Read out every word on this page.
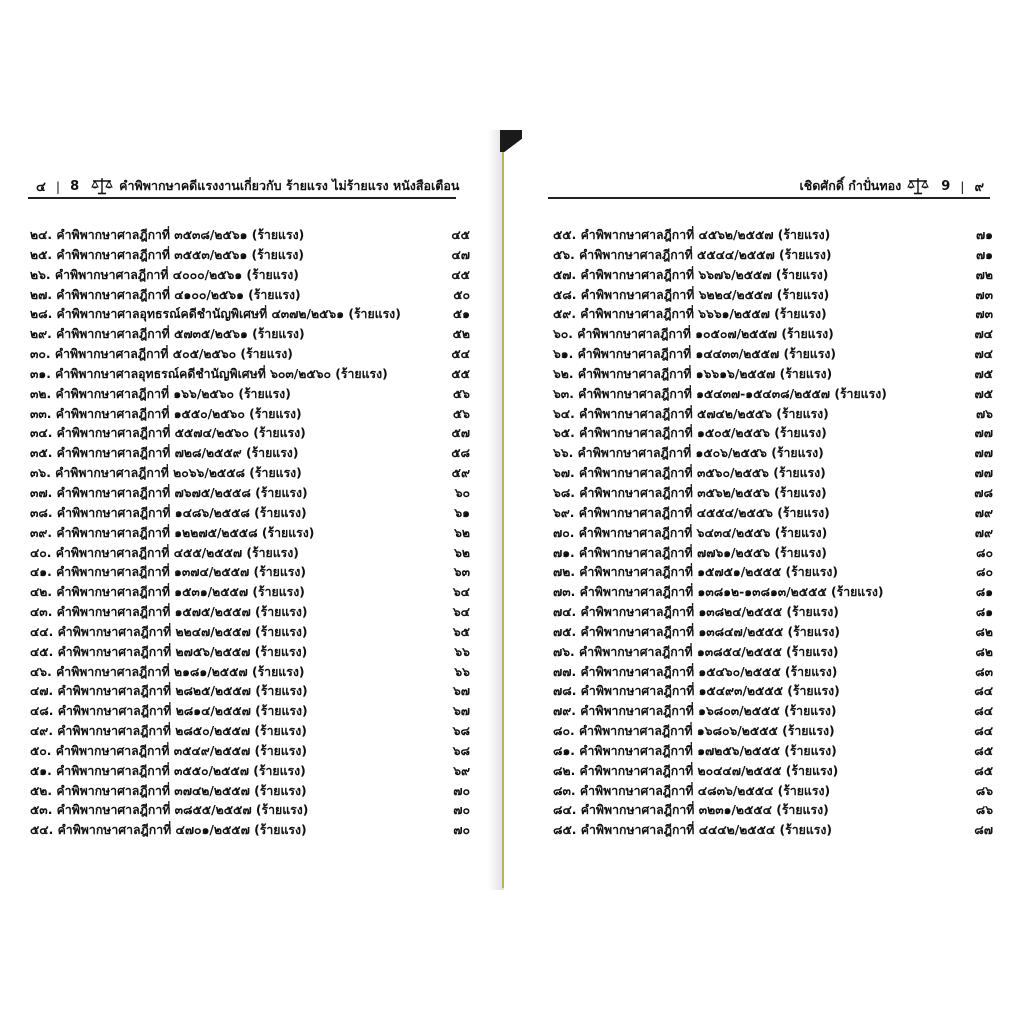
๔ | 8	คำพิพากษาคดีแรงงานเกี่ยวกับ ร้ายแรง ไม่ร้ายแรง หนังสือเตือน	เชิดศักดิ์ กำปั่นทอง	9 | ๙
๒๔. คำพิพากษาศาลฎีกาที่ ๓๕๓๘/๒๕๖๑ (ร้ายแรง)	๔๕
๒๕. คำพิพากษาศาลฎีกาที่ ๓๕๕๓/๒๕๖๑ (ร้ายแรง)	๔๗
๒๖. คำพิพากษาศาลฎีกาที่ ๔๐๐๐/๒๕๖๑ (ร้ายแรง)	๔๕
๒๗. คำพิพากษาศาลฎีกาที่ ๔๑๐๐/๒๕๖๑ (ร้ายแรง)	๕๐
๒๘. คำพิพากษาศาลอุทธรณ์คดีชำนัญพิเศษที่ ๔๓๗๒/๒๕๖๑ (ร้ายแรง)	๕๑
๒๙. คำพิพากษาศาลฎีกาที่ ๕๗๓๕/๒๕๖๑ (ร้ายแรง)	๕๒
๓๐. คำพิพากษาศาลฎีกาที่ ๕๐๕/๒๕๖๐ (ร้ายแรง)	๕๔
๓๑. คำพิพากษาศาลอุทธรณ์คดีชำนัญพิเศษที่ ๖๐๓/๒๕๖๐ (ร้ายแรง)	๕๕
๓๒. คำพิพากษาศาลฎีกาที่ ๑๖๖/๒๕๖๐ (ร้ายแรง)	๕๖
๓๓. คำพิพากษาศาลฎีกาที่ ๑๕๕๐/๒๕๖๐ (ร้ายแรง)	๕๖
๓๔. คำพิพากษาศาลฎีกาที่ ๕๕๗๔/๒๕๖๐ (ร้ายแรง)	๕๗
๓๕. คำพิพากษาศาลฎีกาที่ ๗๒๘/๒๕๕๙ (ร้ายแรง)	๕๘
๓๖. คำพิพากษาศาลฎีกาที่ ๒๐๖๖/๒๕๕๘ (ร้ายแรง)	๕๙
๓๗. คำพิพากษาศาลฎีกาที่ ๗๖๗๕/๒๕๕๘ (ร้ายแรง)	๖๐
๓๘. คำพิพากษาศาลฎีกาที่ ๑๔๘๖/๒๕๕๘ (ร้ายแรง)	๖๑
๓๙. คำพิพากษาศาลฎีกาที่ ๑๒๒๗๕/๒๕๕๘ (ร้ายแรง)	๖๒
๔๐. คำพิพากษาศาลฎีกาที่ ๔๕๕/๒๕๕๗ (ร้ายแรง)	๖๒
๔๑. คำพิพากษาศาลฎีกาที่ ๑๓๗๔/๒๕๕๗ (ร้ายแรง)	๖๓
๔๒. คำพิพากษาศาลฎีกาที่ ๑๕๓๑/๒๕๕๗ (ร้ายแรง)	๖๔
๔๓. คำพิพากษาศาลฎีกาที่ ๑๕๗๕/๒๕๕๗ (ร้ายแรง)	๖๔
๔๔. คำพิพากษาศาลฎีกาที่ ๒๒๔๗/๒๕๕๗ (ร้ายแรง)	๖๕
๔๕. คำพิพากษาศาลฎีกาที่ ๒๗๕๖/๒๕๕๗ (ร้ายแรง)	๖๖
๔๖. คำพิพากษาศาลฎีกาที่ ๒๑๘๑/๒๕๕๗ (ร้ายแรง)	๖๖
๔๗. คำพิพากษาศาลฎีกาที่ ๒๘๒๕/๒๕๕๗ (ร้ายแรง)	๖๗
๔๘. คำพิพากษาศาลฎีกาที่ ๒๘๑๔/๒๕๕๗ (ร้ายแรง)	๖๗
๔๙. คำพิพากษาศาลฎีกาที่ ๒๘๕๐/๒๕๕๗ (ร้ายแรง)	๖๘
๕๐. คำพิพากษาศาลฎีกาที่ ๓๕๔๙/๒๕๕๗ (ร้ายแรง)	๖๘
๕๑. คำพิพากษาศาลฎีกาที่ ๓๕๕๐/๒๕๕๗ (ร้ายแรง)	๖๙
๕๒. คำพิพากษาศาลฎีกาที่ ๓๗๔๒/๒๕๕๗ (ร้ายแรง)	๗๐
๕๓. คำพิพากษาศาลฎีกาที่ ๓๘๕๕/๒๕๕๗ (ร้ายแรง)	๗๐
๕๔. คำพิพากษาศาลฎีกาที่ ๔๗๐๑/๒๕๕๗ (ร้ายแรง)	๗๐
๕๕. คำพิพากษาศาลฎีกาที่ ๔๕๖๒/๒๕๕๗ (ร้ายแรง)	๗๑
๕๖. คำพิพากษาศาลฎีกาที่ ๕๕๔๔/๒๕๕๗ (ร้ายแรง)	๗๑
๕๗. คำพิพากษาศาลฎีกาที่ ๖๖๗๖/๒๕๕๗ (ร้ายแรง)	๗๒
๕๘. คำพิพากษาศาลฎีกาที่ ๖๒๒๔/๒๕๕๗ (ร้ายแรง)	๗๓
๕๙. คำพิพากษาศาลฎีกาที่ ๖๖๖๑/๒๕๕๗ (ร้ายแรง)	๗๓
๖๐. คำพิพากษาศาลฎีกาที่ ๑๐๕๐๗/๒๕๕๗ (ร้ายแรง)	๗๔
๖๑. คำพิพากษาศาลฎีกาที่ ๑๔๔๓๓/๒๕๕๗ (ร้ายแรง)	๗๔
๖๒. คำพิพากษาศาลฎีกาที่ ๑๖๖๑๖/๒๕๕๗ (ร้ายแรง)	๗๕
๖๓. คำพิพากษาศาลฎีกาที่ ๑๕๔๓๗-๑๕๔๓๘/๒๕๕๗ (ร้ายแรง)	๗๕
๖๔. คำพิพากษาศาลฎีกาที่ ๕๗๔๒/๒๕๕๖ (ร้ายแรง)	๗๖
๖๕. คำพิพากษาศาลฎีกาที่ ๑๕๐๕/๒๕๕๖ (ร้ายแรง)	๗๗
๖๖. คำพิพากษาศาลฎีกาที่ ๑๕๐๖/๒๕๕๖ (ร้ายแรง)	๗๗
๖๗. คำพิพากษาศาลฎีกาที่ ๓๕๖๐/๒๕๕๖ (ร้ายแรง)	๗๗
๖๘. คำพิพากษาศาลฎีกาที่ ๓๕๖๒/๒๕๕๖ (ร้ายแรง)	๗๘
๖๙. คำพิพากษาศาลฎีกาที่ ๔๕๕๔/๒๕๕๖ (ร้ายแรง)	๗๙
๗๐. คำพิพากษาศาลฎีกาที่ ๖๔๓๔/๒๕๕๖ (ร้ายแรง)	๗๙
๗๑. คำพิพากษาศาลฎีกาที่ ๗๗๖๑/๒๕๕๖ (ร้ายแรง)	๘๐
๗๒. คำพิพากษาศาลฎีกาที่ ๑๕๗๕๑/๒๕๕๕ (ร้ายแรง)	๘๐
๗๓. คำพิพากษาศาลฎีกาที่ ๑๓๘๑๒-๑๓๘๑๓/๒๕๕๕ (ร้ายแรง)	๘๑
๗๔. คำพิพากษาศาลฎีกาที่ ๑๓๘๒๔/๒๕๕๕ (ร้ายแรง)	๘๑
๗๕. คำพิพากษาศาลฎีกาที่ ๑๓๘๔๗/๒๕๕๕ (ร้ายแรง)	๘๒
๗๖. คำพิพากษาศาลฎีกาที่ ๑๓๘๕๔/๒๕๕๕ (ร้ายแรง)	๘๒
๗๗. คำพิพากษาศาลฎีกาที่ ๑๕๔๖๐/๒๕๕๕ (ร้ายแรง)	๘๓
๗๘. คำพิพากษาศาลฎีกาที่ ๑๕๔๙๓/๒๕๕๕ (ร้ายแรง)	๘๔
๗๙. คำพิพากษาศาลฎีกาที่ ๑๖๘๐๓/๒๕๕๕ (ร้ายแรง)	๘๔
๘๐. คำพิพากษาศาลฎีกาที่ ๑๖๘๐๖/๒๕๕๕ (ร้ายแรง)	๘๔
๘๑. คำพิพากษาศาลฎีกาที่ ๑๗๒๕๖/๒๕๕๕ (ร้ายแรง)	๘๕
๘๒. คำพิพากษาศาลฎีกาที่ ๒๐๔๔๗/๒๕๕๕ (ร้ายแรง)	๘๕
๘๓. คำพิพากษาศาลฎีกาที่ ๔๘๓๖/๒๕๕๔ (ร้ายแรง)	๘๖
๘๔. คำพิพากษาศาลฎีกาที่ ๓๒๓๑/๒๕๕๔ (ร้ายแรง)	๘๖
๘๕. คำพิพากษาศาลฎีกาที่ ๔๔๔๒/๒๕๕๔ (ร้ายแรง)	๘๗
